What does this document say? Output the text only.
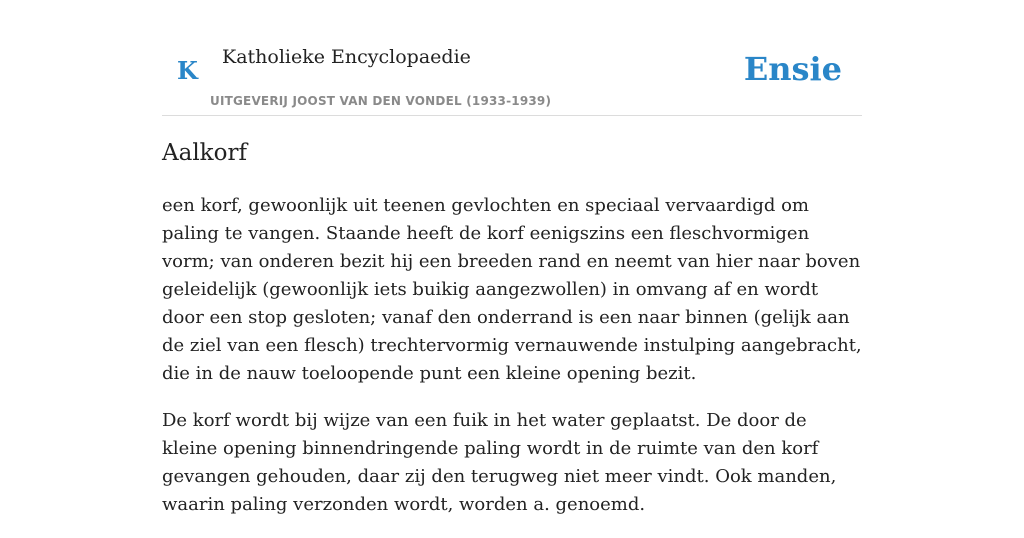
K Katholieke Encyclopaedie
UITGEVERIJ JOOST VAN DEN VONDEL (1933-1939)
Ensie
Aalkorf

een korf, gewoonlijk uit teenen gevlochten en speciaal vervaardigd om paling te vangen. Staande heeft de korf eenigszins een fleschvormigen vorm; van onderen bezit hij een breeden rand en neemt van hier naar boven geleidelijk (gewoonlijk iets buikig aangezwollen) in omvang af en wordt door een stop gesloten; vanaf den onderrand is een naar binnen (gelijk aan de ziel van een flesch) trechtervormig vernauwende instulping aangebracht, die in de nauw toeloopende punt een kleine opening bezit.

De korf wordt bij wijze van een fuik in het water geplaatst. De door de kleine opening binnendringende paling wordt in de ruimte van den korf gevangen gehouden, daar zij den terugweg niet meer vindt. Ook manden, waarin paling verzonden wordt, worden a. genoemd.
